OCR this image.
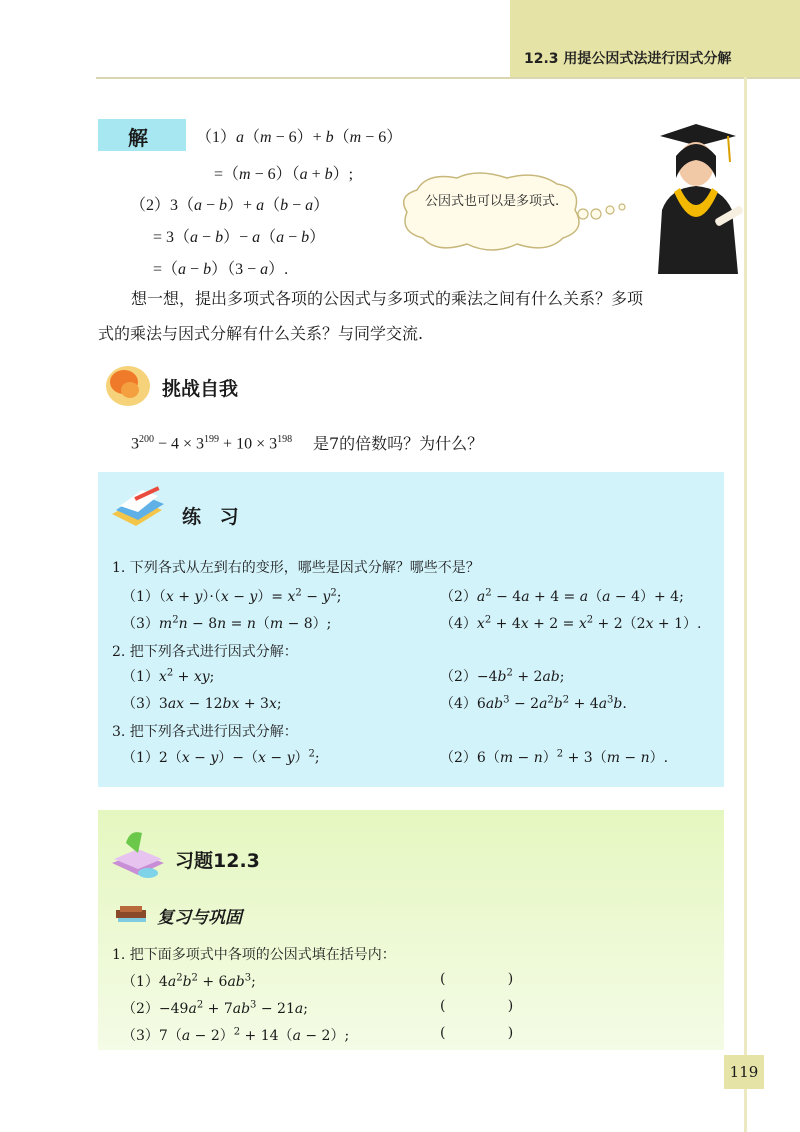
12.3 用提公因式法进行因式分解
解	（1）a（m − 6）+ b（m − 6）
=（m − 6）（a + b）;
（2）3（a − b）+ a（b − a）
= 3（a − b）− a（a − b）
=（a − b）（3 − a）.
公因式也可以是多项式.
想一想，提出多项式各项的公因式与多项式的乘法之间有什么关系？多项
式的乘法与因式分解有什么关系？与同学交流.
挑战自我
$3^{200} - 4 \times 3^{199} + 10 \times 3^{198}$ 是7的倍数吗？为什么？
练 习
1. 下列各式从左到右的变形，哪些是因式分解？哪些不是？
$(1)(x + y)\cdot(x - y)= x^2 - y^2$;	$(2)a^2 - 4a + 4 = a(a - 4)+ 4$;
$(3)m^2n - 8n = n(m - 8)$;	$(4)x^2 + 4x + 2 = x^2 + 2(2x + 1)$.
2. 把下列各式进行因式分解：
$(1)x^2$ + xy;	$(2)-4b^2 + 2ab$;
（3）3ax − 12bx + 3x;	$(4)6ab^3 - 2a^2b^2 + 4a^3b$.
3. 把下列各式进行因式分解：
$(1)2(x - y)-(x - y)^2$;	$(2)6(m - n)^2 + 3(m - n)$.
习题12.3
复习与巩固
1. 把下面多项式中各项的公因式填在括号内：
$(1)4a^2b^2 + 6ab^3$;	(              )
$(2)-49a^2 + 7ab^3 - 21a$;	(              )
$(3)7(a - 2)^2 + 14(a - 2)$;	(              )
119
